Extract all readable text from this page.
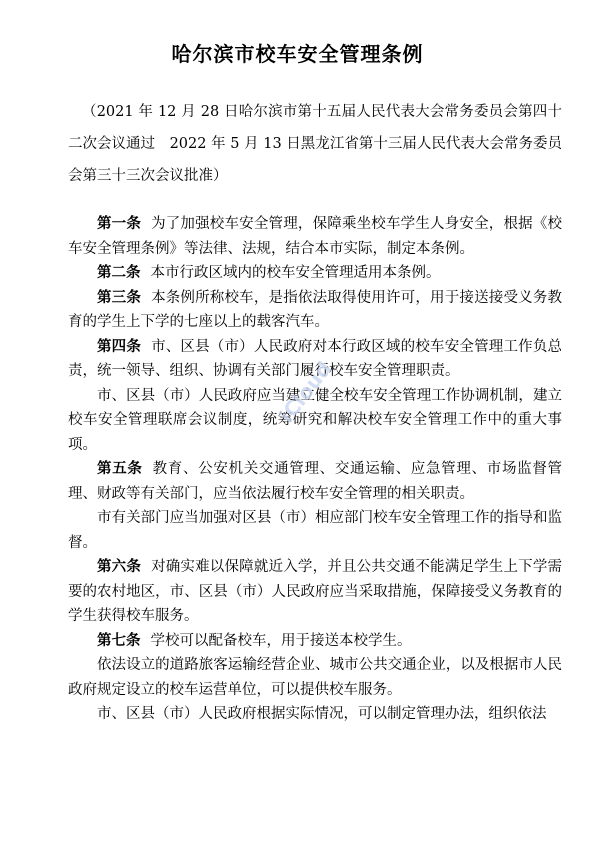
哈尔滨市校车安全管理条例
（2021 年 12 月 28 日哈尔滨市第十五届人民代表大会常务委员会第四十二次会议通过　2022 年 5 月 13 日黑龙江省第十三届人民代表大会常务委员会第三十三次会议批准）

第一条 为了加强校车安全管理，保障乘坐校车学生人身安全，根据《校车安全管理条例》等法律、法规，结合本市实际，制定本条例。

第二条 本市行政区域内的校车安全管理适用本条例。

第三条 本条例所称校车，是指依法取得使用许可，用于接送接受义务教育的学生上下学的七座以上的载客汽车。

第四条 市、区县（市）人民政府对本行政区域的校车安全管理工作负总责，统一领导、组织、协调有关部门履行校车安全管理职责。

市、区县（市）人民政府应当建立健全校车安全管理工作协调机制，建立校车安全管理联席会议制度，统筹研究和解决校车安全管理工作中的重大事项。

第五条 教育、公安机关交通管理、交通运输、应急管理、市场监督管理、财政等有关部门，应当依法履行校车安全管理的相关职责。

市有关部门应当加强对区县（市）相应部门校车安全管理工作的指导和监督。

第六条 对确实难以保障就近入学，并且公共交通不能满足学生上下学需要的农村地区，市、区县（市）人民政府应当采取措施，保障接受义务教育的学生获得校车服务。

第七条 学校可以配备校车，用于接送本校学生。

依法设立的道路旅客运输经营企业、城市公共交通企业，以及根据市人民政府规定设立的校车运营单位，可以提供校车服务。

市、区县（市）人民政府根据实际情况，可以制定管理办法，组织依法

iCloud
